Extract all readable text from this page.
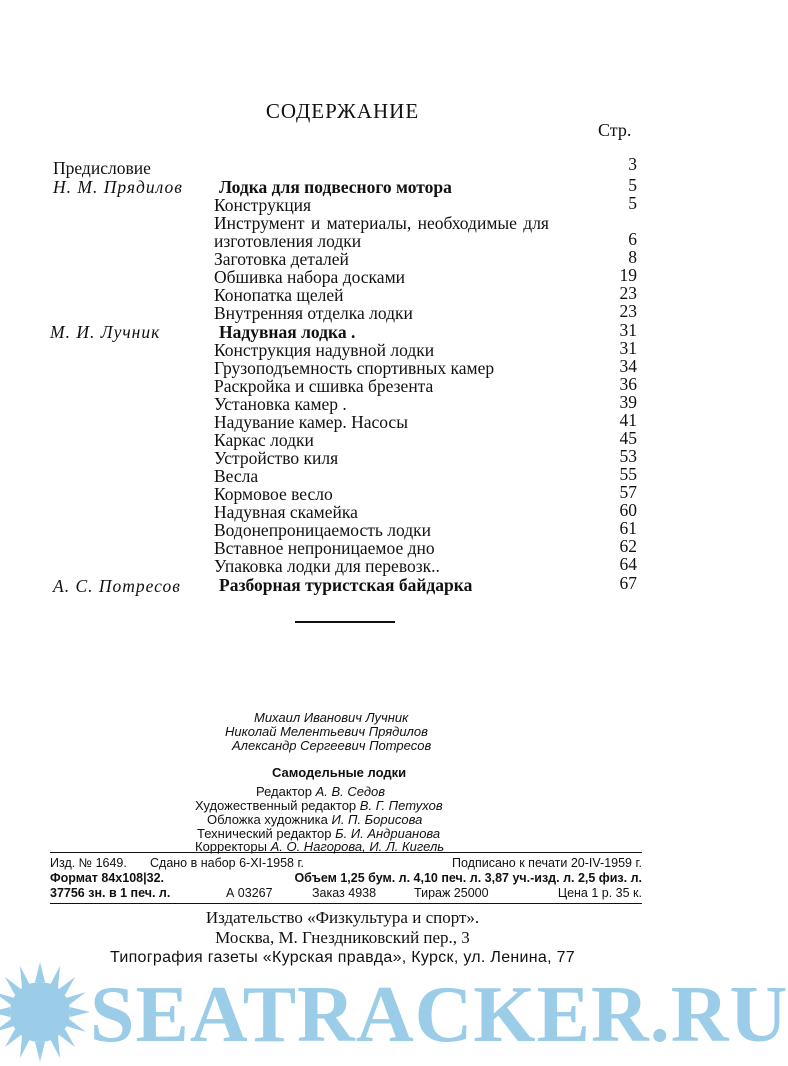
СОДЕРЖАНИЕ
Стр.
Предисловие	3
Н. М. Прядилов Лодка для подвесного мотора	5
Конструкция	5
Инструмент и материалы, необходимые для
изготовления лодки	6
Заготовка деталей	8
Обшивка набора досками	19
Конопатка щелей	23
Внутренняя отделка лодки	23
М. И. Лучник	Надувная лодка .	31
Конструкция надувной лодки	31
Грузоподъемность спортивных камер	34
Раскройка и сшивка брезента	36
Установка камер .	39
Надувание камер. Насосы	41
Каркас лодки	45
Устройство киля	53
Весла	55
Кормовое весло	57
Надувная скамейка	60
Водонепроницаемость лодки	61
Вставное непроницаемое дно	62
Упаковка лодки для перевозк..	64
А. С. Потресов Разборная туристская байдарка	67
Михаил Иванович Лучник
Николай Мелентьевич Прядилов
Александр Сергеевич Потресов
Самодельные лодки
Редактор А. В. Седов
Художественный редактор В. Г. Петухов
Обложка художника И. П. Борисова
Технический редактор Б. И. Андрианова
Корректоры А. О. Нагорова, И. Л. Кигель
Изд. № 1649. Сдано в набор 6-XI-1958 г.	Подписано к печати 20-IV-1959 г.
Формат 84x108|32.	Объем 1,25 бум. л. 4,10 печ. л. 3,87 уч.-изд. л. 2,5 физ. л.
37756 зн. в 1 печ. л.	А 03267	Заказ 4938	Тираж 25000	Цена 1 р. 35 к.
Издательство «Физкультура и спорт».
Москва, М. Гнездниковский пер., 3
Типография газеты «Курская правда», Курск, ул. Ленина, 77
SEATRACKER.RU
